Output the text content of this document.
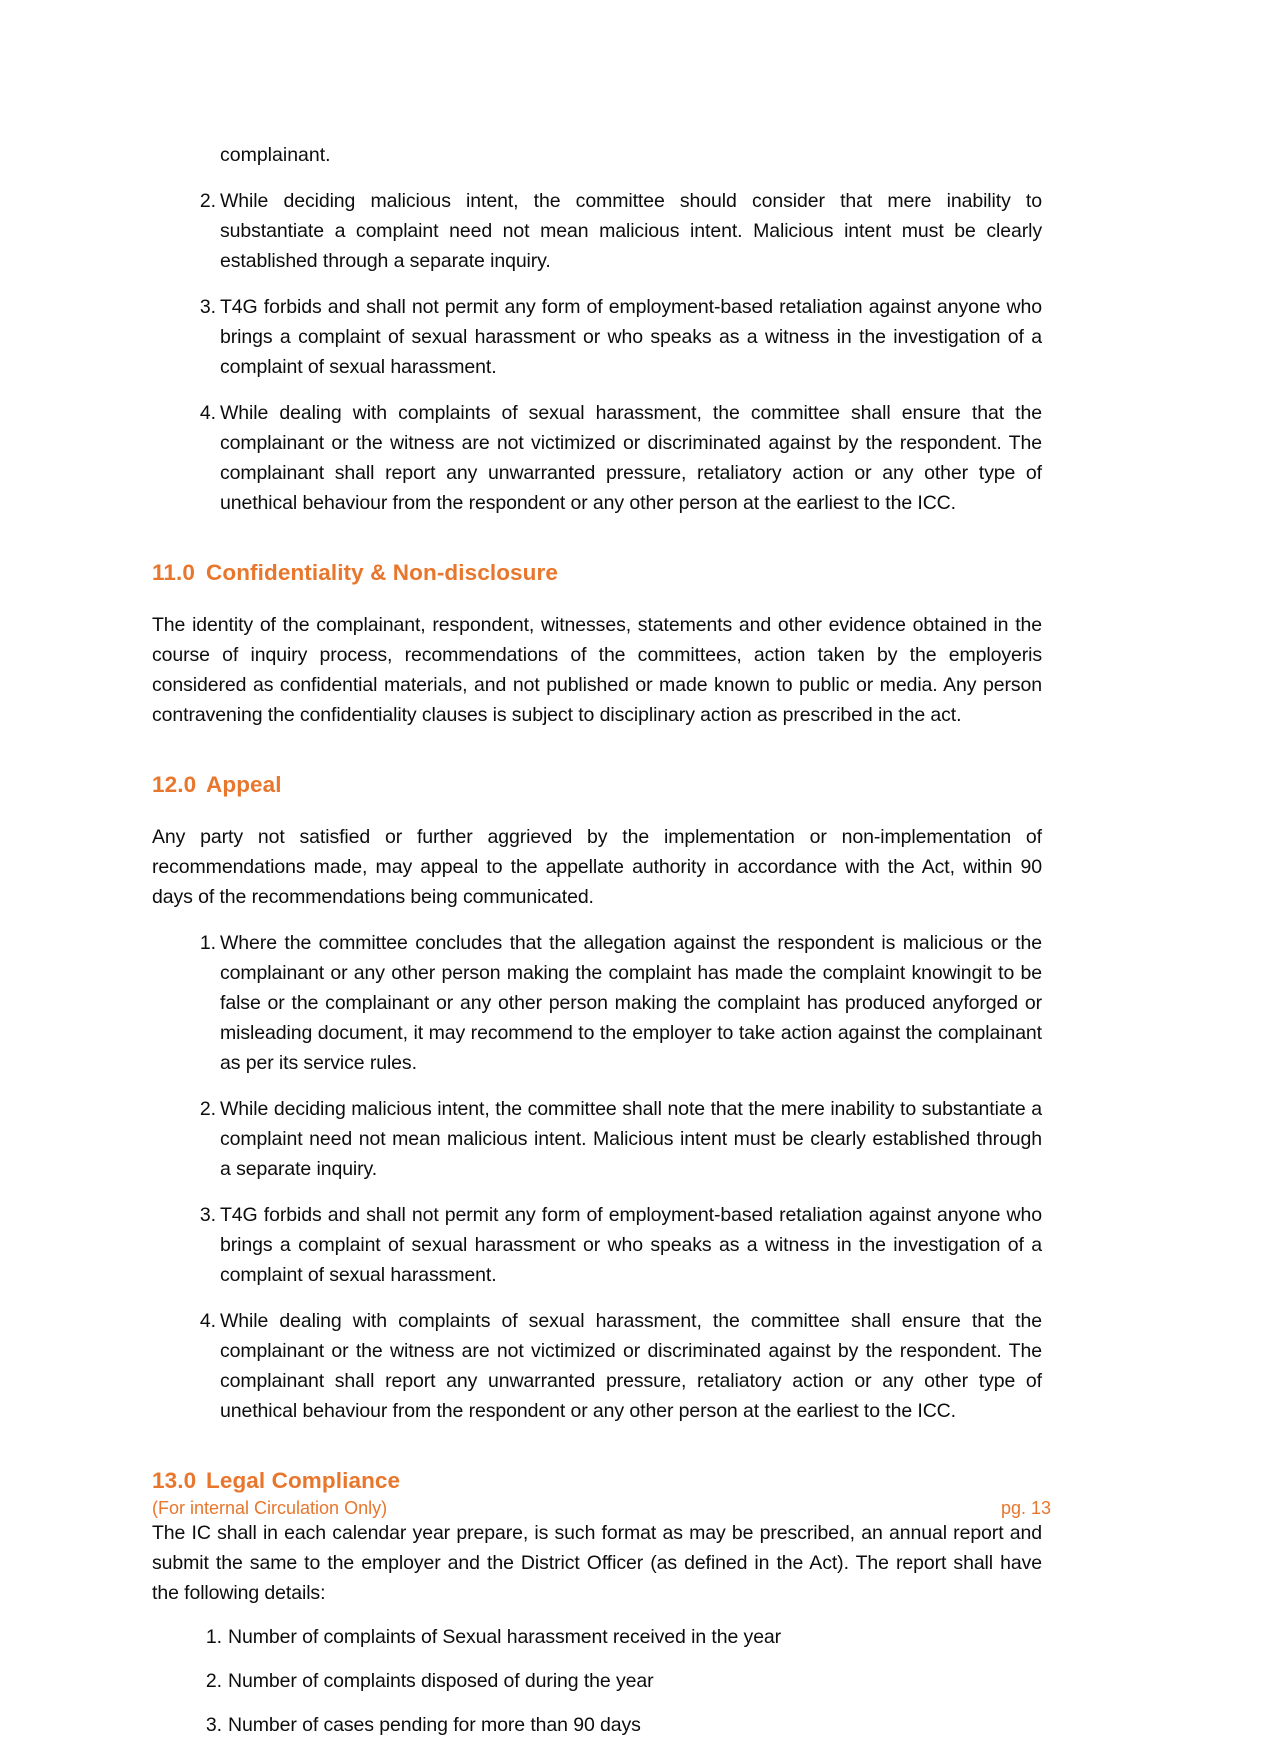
complainant.
2. While deciding malicious intent, the committee should consider that mere inability to substantiate a complaint need not mean malicious intent. Malicious intent must be clearly established through a separate inquiry.
3. T4G forbids and shall not permit any form of employment-based retaliation against anyone who brings a complaint of sexual harassment or who speaks as a witness in the investigation of a complaint of sexual harassment.
4. While dealing with complaints of sexual harassment, the committee shall ensure that the complainant or the witness are not victimized or discriminated against by the respondent. The complainant shall report any unwarranted pressure, retaliatory action or any other type of unethical behaviour from the respondent or any other person at the earliest to the ICC.
11.0 Confidentiality & Non-disclosure

The identity of the complainant, respondent, witnesses, statements and other evidence obtained in the course of inquiry process, recommendations of the committees, action taken by the employeris considered as confidential materials, and not published or made known to public or media. Any person contravening the confidentiality clauses is subject to disciplinary action as prescribed in the act.

12.0 Appeal

Any party not satisfied or further aggrieved by the implementation or non-implementation of recommendations made, may appeal to the appellate authority in accordance with the Act, within 90 days of the recommendations being communicated.

1. Where the committee concludes that the allegation against the respondent is malicious or the complainant or any other person making the complaint has made the complaint knowingit to be false or the complainant or any other person making the complaint has produced anyforged or misleading document, it may recommend to the employer to take action against the complainant as per its service rules.
2. While deciding malicious intent, the committee shall note that the mere inability to substantiate a complaint need not mean malicious intent. Malicious intent must be clearly established through a separate inquiry.
3. T4G forbids and shall not permit any form of employment-based retaliation against anyone who brings a complaint of sexual harassment or who speaks as a witness in the investigation of a complaint of sexual harassment.
4. While dealing with complaints of sexual harassment, the committee shall ensure that the complainant or the witness are not victimized or discriminated against by the respondent. The complainant shall report any unwarranted pressure, retaliatory action or any other type of unethical behaviour from the respondent or any other person at the earliest to the ICC.
13.0 Legal Compliance

The IC shall in each calendar year prepare, is such format as may be prescribed, an annual report and submit the same to the employer and the District Officer (as defined in the Act). The report shall have the following details:

1. Number of complaints of Sexual harassment received in the year
2. Number of complaints disposed of during the year
3. Number of cases pending for more than 90 days
(For internal Circulation Only)	pg. 13
